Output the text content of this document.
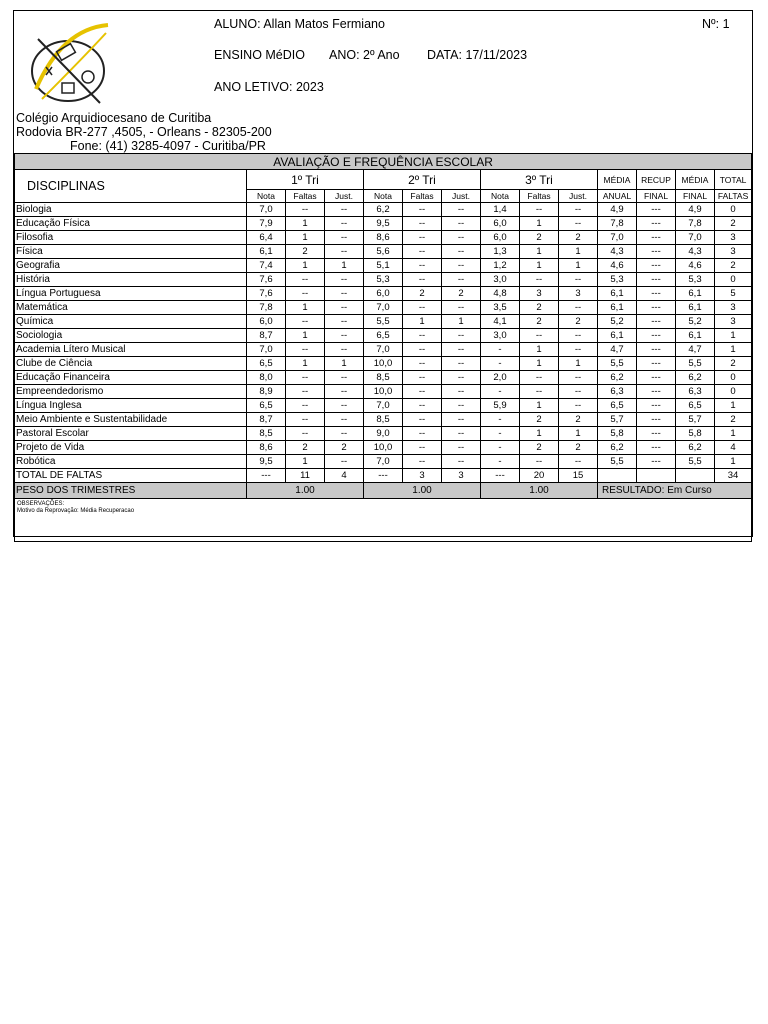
ALUNO: Allan Matos Fermiano	Nº: 1
ENSINO MéDIO ANO: 2º Ano DATA: 17/11/2023
ANO LETIVO: 2023
Colégio Arquidiocesano de Curitiba
Rodovia BR-277 ,4505, - Orleans - 82305-200
Fone: (41) 3285-4097 - Curitiba/PR
AVALIAÇÃO E FREQUÊNCIA ESCOLAR													
DISCIPLINAS	1º Tri			2º Tri			3º Tri			MÉDIA	RECUP	MÉDIA	TOTAL
	Nota	Faltas	Just.	Nota	Faltas	Just.	Nota	Faltas	Just.	ANUAL	FINAL	FINAL	FALTAS
Biologia	7,0	--	--	6,2	--	--	1,4	--	--	4,9	---	4,9	0
Educação Física	7,9	1	--	9,5	--	--	6,0	1	--	7,8	---	7,8	2
Filosofia	6,4	1	--	8,6	--	--	6,0	2	2	7,0	---	7,0	3
Física	6,1	2	--	5,6	--	--	1,3	1	1	4,3	---	4,3	3
Geografia	7,4	1	1	5,1	--	--	1,2	1	1	4,6	---	4,6	2
História	7,6	--	--	5,3	--	--	3,0	--	--	5,3	---	5,3	0
Língua Portuguesa	7,6	--	--	6,0	2	2	4,8	3	3	6,1	---	6,1	5
Matemática	7,8	1	--	7,0	--	--	3,5	2	--	6,1	---	6,1	3
Química	6,0	--	--	5,5	1	1	4,1	2	2	5,2	---	5,2	3
Sociologia	8,7	1	--	6,5	--	--	3,0	--	--	6,1	---	6,1	1
Academia Lítero Musical	7,0	--	--	7,0	--	--	-	1	--	4,7	---	4,7	1
Clube de Ciência	6,5	1	1	10,0	--	--	-	1	1	5,5	---	5,5	2
Educação Financeira	8,0	--	--	8,5	--	--	2,0	--	--	6,2	---	6,2	0
Empreendedorismo	8,9	--	--	10,0	--	--	-	--	--	6,3	---	6,3	0
Língua Inglesa	6,5	--	--	7,0	--	--	5,9	1	--	6,5	---	6,5	1
Meio Ambiente e Sustentabilidade	8,7	--	--	8,5	--	--	-	2	2	5,7	---	5,7	2
Pastoral Escolar	8,5	--	--	9,0	--	--	-	1	1	5,8	---	5,8	1
Projeto de Vida	8,6	2	2	10,0	--	--	-	2	2	6,2	---	6,2	4
Robótica	9,5	1	--	7,0	--	--	-	--	--	5,5	---	5,5	1
TOTAL DE FALTAS	---	11	4	---	3	3	---	20	15				34
PESO DOS TRIMESTRES	1.00			1.00			1.00			RESULTADO: Em Curso			

OBSERVAÇÕES:
Motivo da Reprovação: Média Recuperacao													
